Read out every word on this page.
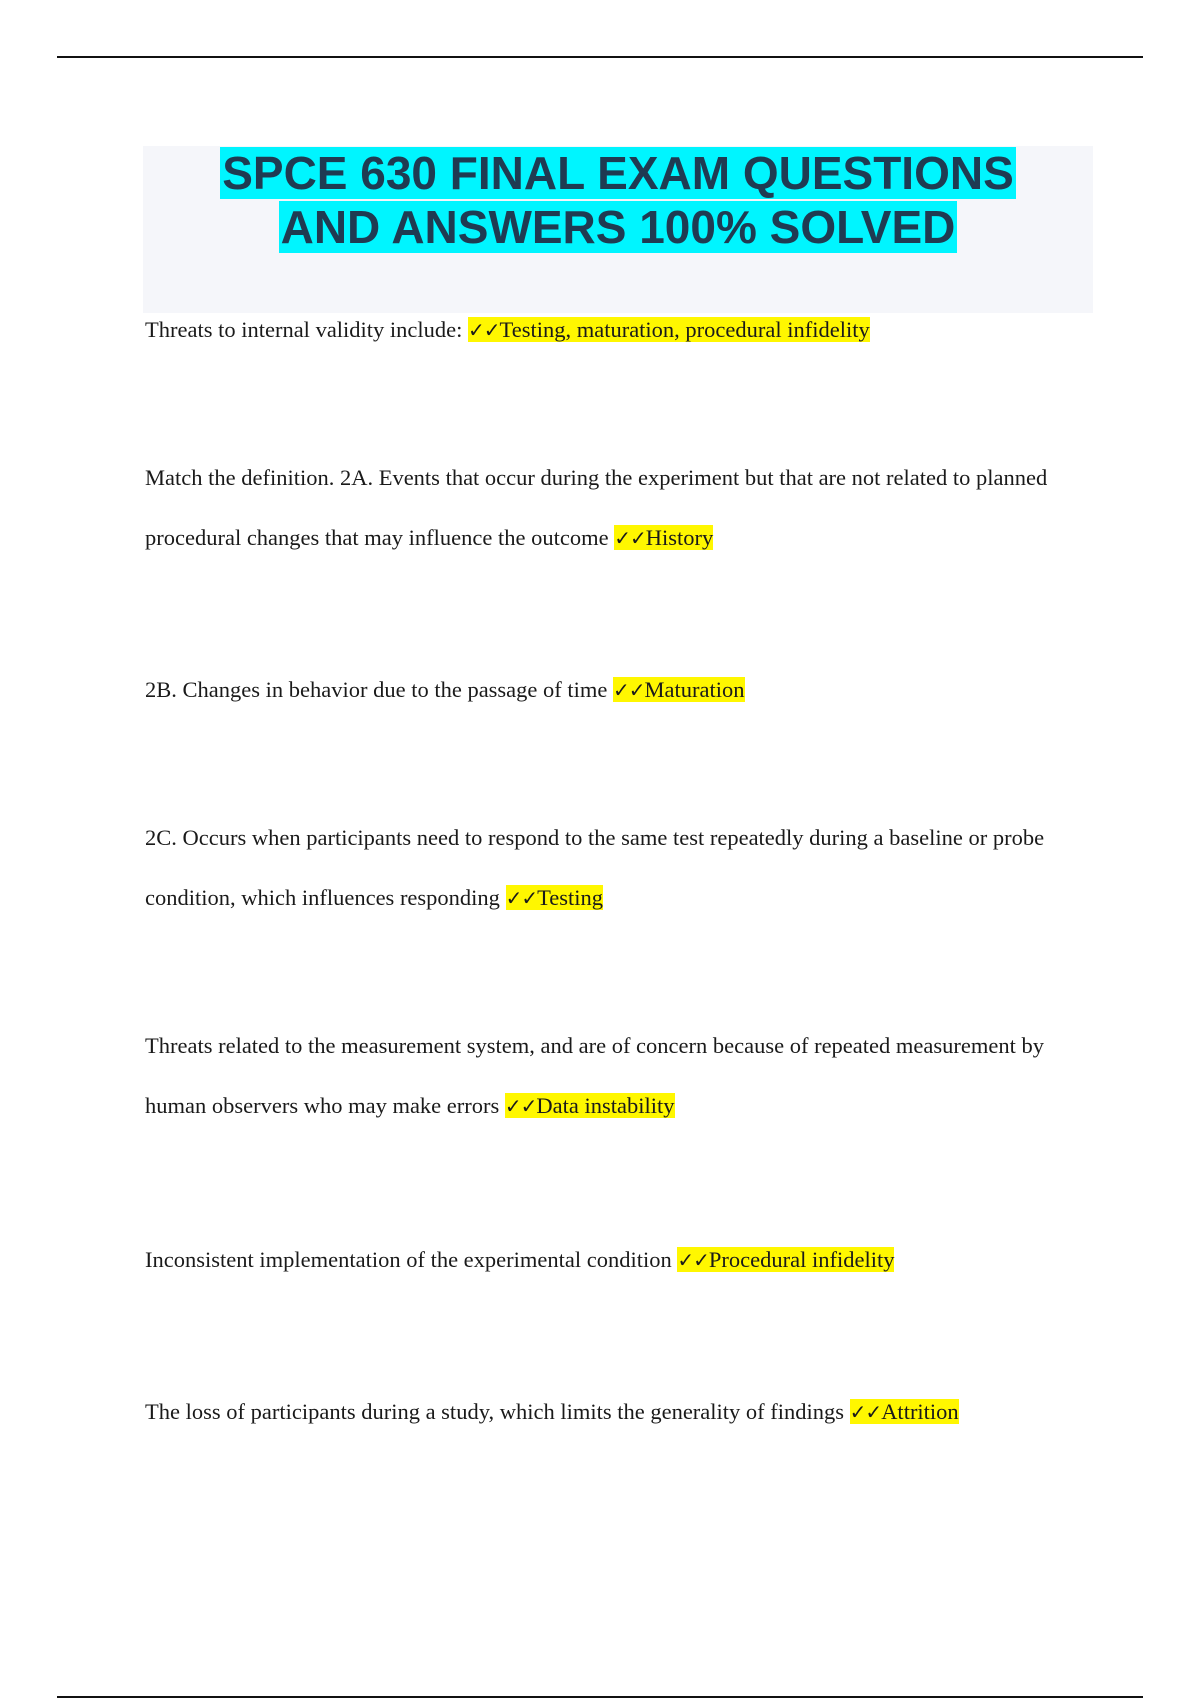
SPCE 630 FINAL EXAM QUESTIONS
AND ANSWERS 100% SOLVED
Threats to internal validity include: ✓✓Testing, maturation, procedural infidelity
Match the definition. 2A. Events that occur during the experiment but that are not related to planned procedural changes that may influence the outcome ✓✓History
2B. Changes in behavior due to the passage of time ✓✓Maturation
2C. Occurs when participants need to respond to the same test repeatedly during a baseline or probe condition, which influences responding ✓✓Testing
Threats related to the measurement system, and are of concern because of repeated measurement by human observers who may make errors ✓✓Data instability
Inconsistent implementation of the experimental condition ✓✓Procedural infidelity
The loss of participants during a study, which limits the generality of findings ✓✓Attrition
